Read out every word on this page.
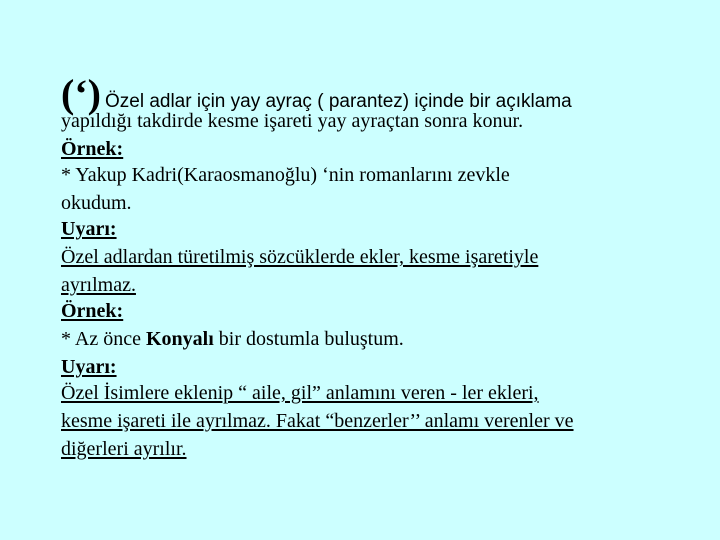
(‘) Özel adlar için yay ayraç ( parantez) içinde bir açıklama
yapıldığı takdirde kesme işareti yay ayraçtan sonra konur.
Örnek:
* Yakup Kadri(Karaosmanoğlu) ‘nin romanlarını zevkle
okudum.
Uyarı:
Özel adlardan türetilmiş sözcüklerde ekler, kesme işaretiyle
ayrılmaz.
Örnek:
* Az önce Konyalı bir dostumla buluştum.
Uyarı:
Özel İsimlere eklenip “ aile, gil” anlamını veren - ler ekleri,
kesme işareti ile ayrılmaz. Fakat “benzerler’’ anlamı verenler ve
diğerleri ayrılır.
